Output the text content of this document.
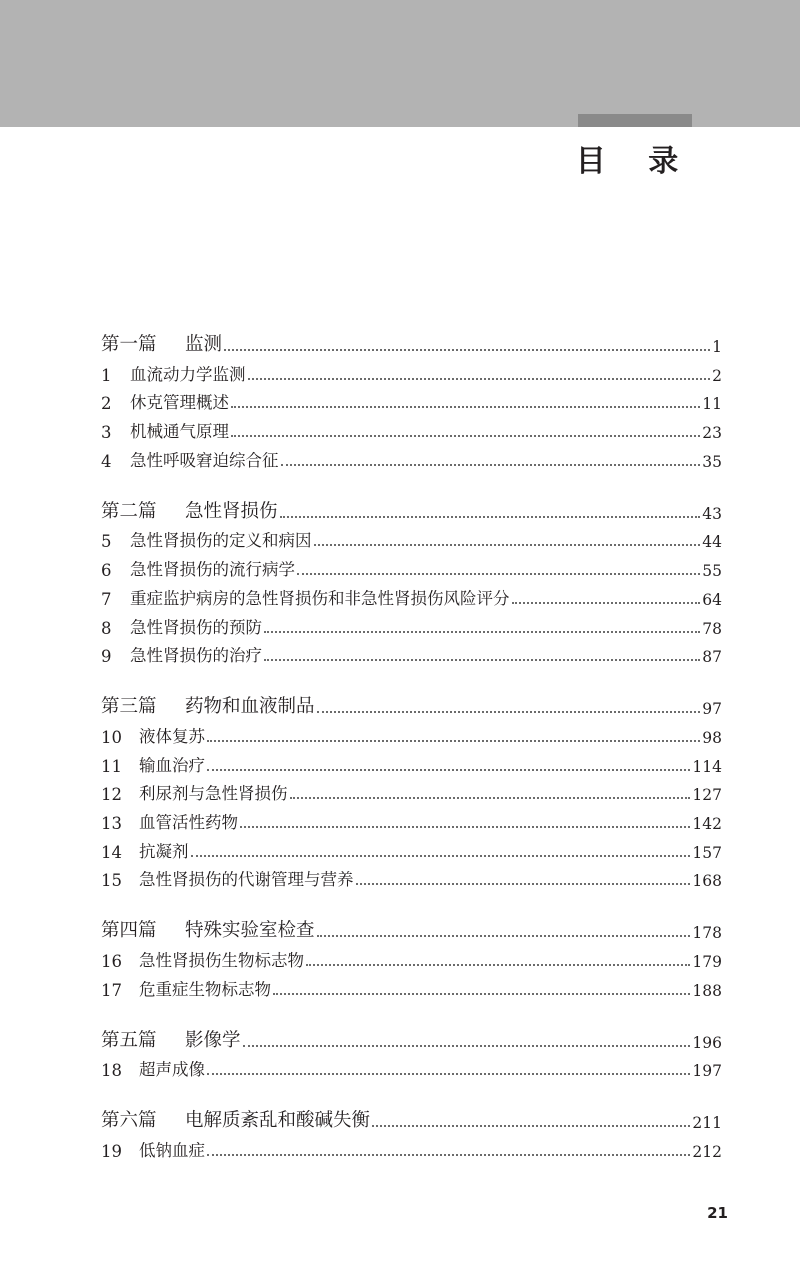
目 录
第一篇	监测	1
1	血流动力学监测	2
2	休克管理概述	11
3	机械通气原理	23
4	急性呼吸窘迫综合征	35
第二篇	急性肾损伤	43
5	急性肾损伤的定义和病因	44
6	急性肾损伤的流行病学	55
7	重症监护病房的急性肾损伤和非急性肾损伤风险评分	64
8	急性肾损伤的预防	78
9	急性肾损伤的治疗	87
第三篇	药物和血液制品	97
10	液体复苏	98
11	输血治疗	114
12	利尿剂与急性肾损伤	127
13	血管活性药物	142
14	抗凝剂	157
15	急性肾损伤的代谢管理与营养	168
第四篇	特殊实验室检查	178
16	急性肾损伤生物标志物	179
17	危重症生物标志物	188
第五篇	影像学	196
18	超声成像	197
第六篇	电解质紊乱和酸碱失衡	211
19	低钠血症	212
21
